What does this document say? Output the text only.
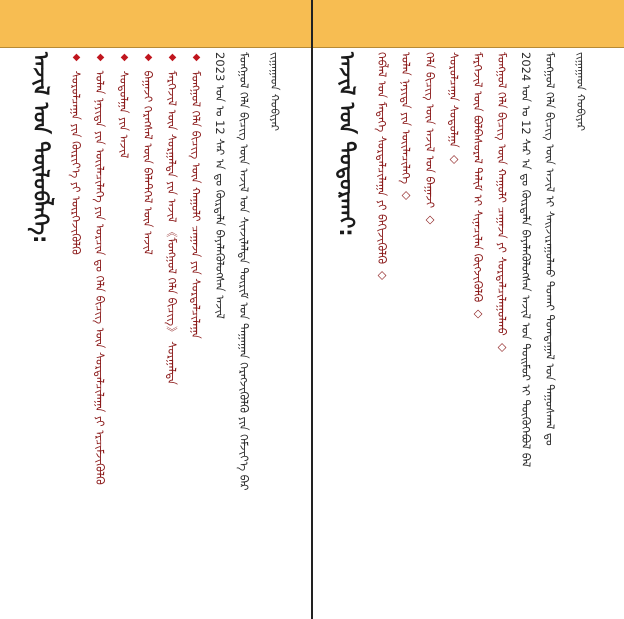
ᠠᠵᠢᠯ ᠤᠨ ᠲᠥᠯᠥᠪᠯᠡᠭᠡ:	◆ ᠰᠤᠷᠤᠯᠴᠠᠭᠠ ᠶᠢᠨ ᠬᠦᠷᠢᠶ᠎ᠡ ᠶᠢ ᠥᠷᠭᠡᠵᠢᠭᠦᠯᠬᠦ
◆ ᠣᠯᠠᠨ ᠨᠡᠶᠢᠲᠡ ᠶᠢᠨ ᠦᠢᠯᠡᠴᠢᠯᠡᠭᠡ ᠶᠢᠨ ᠣᠷᠴᠢᠨ ᠳᠤ ᠬᠡᠯᠡ ᠪᠢᠴᠢᠭ ᠦᠨ ᠰᠤᠷᠲᠠᠯᠴᠢᠯᠠᠭᠠ ᠶᠢ ᠡᠷᠴᠢᠮᠵᠢᠭᠦᠯᠬᠦ
◆ ᠰᠤᠳᠤᠯᠭᠠ ᠶᠢᠨ ᠠᠵᠢᠯ
◆ ᠪᠠᠭᠠᠵᠢ ᠬᠡᠷᠡᠭᠰᠡᠯ ᠦᠨ ᠪᠡᠯᠡᠲᠭᠡᠯ ᠦᠨ ᠠᠵᠢᠯ
◆ ᠮᠡᠷᠭᠡᠵᠢᠯ ᠦᠨ ᠰᠤᠷᠭᠠᠯᠲᠠ ᠶᠢᠨ ᠠᠵᠢᠯ 《ᠮᠣᠩᠭᠤᠯ ᠬᠡᠯᠡ ᠪᠢᠴᠢᠭ》 ᠰᠤᠷᠭᠠᠯᠲᠠ
◆ ᠮᠣᠩᠭᠤᠯ ᠬᠡᠯᠡ ᠪᠢᠴᠢᠭ ᠦᠨ ᠬᠠᠭᠤᠯᠢ ᠴᠠᠭᠠᠵᠠ ᠶᠢᠨ ᠰᠤᠷᠲᠠᠯᠴᠢᠯᠠᠭᠠ 2023 ᠣᠨ ᠤ 12 ᠰᠠᠷ ᠠ ᠳᠤ ᠬᠦᠷᠲᠡᠯᠡ ᠪᠡᠶᠡᠯᠡᠭᠦᠯᠦᠭᠰᠡᠨ ᠠᠵᠢᠯ ᠮᠣᠩᠭᠤᠯ ᠬᠡᠯᠡ ᠪᠢᠴᠢᠭ ᠦᠨ ᠠᠵᠢᠯ ᠤᠨ ᠰᠢᠨᠵᠢᠯᠡᠯᠲᠡ ᠳᠦᠷᠢᠮ ᠤᠨ ᠳᠠᠭᠠᠭᠠᠨ ᠬᠡᠷᠡᠭᠵᠢᠭᠦᠯᠬᠦ ᠶᠢᠨ ᠬᠡᠮᠵᠢᠶ᠎ᠡ ᠪᠡᠷ	ᠵᠢᠭᠠᠭᠠᠳ ᠬᠤᠪᠢᠶᠠᠷ	ᠠᠵᠢᠯ ᠤᠨ ᠲᠣᠳᠣᠷᠬᠠᠢ:	ᠬᠡᠪᠯᠡᠯ ᠤᠨ ᠮᠡᠳᠡᠭᠡ ᠰᠤᠷᠲᠠᠯᠴᠢᠯᠠᠭᠠ ᠶᠢ ᠪᠡᠬᠢᠵᠢᠭᠦᠯᠬᠦ ◇ ᠣᠯᠠᠨ ᠨᠡᠶᠢᠲᠡ ᠶᠢᠨ ᠦᠢᠯᠡᠴᠢᠯᠡᠭᠡ ◇ ᠬᠡᠯᠡ ᠪᠢᠴᠢᠭ ᠦᠨ ᠠᠵᠢᠯ ᠤᠨ ᠪᠠᠭᠠᠵᠢ ◇ ᠰᠤᠷᠤᠯᠴᠠᠭᠠ ᠰᠤᠳᠤᠯᠭᠠ ◇ ᠮᠡᠷᠭᠡᠵᠢᠯ ᠦᠨ ᠪᠣᠯᠪᠠᠰᠤᠷᠠᠯ ᠳᠠᠯᠢᠮ ᠢ ᠰᠢᠨᠡᠴᠢᠯᠡᠨ ᠬᠥᠭᠵᠢᠭᠦᠯᠬᠦ ◇ ᠮᠣᠩᠭᠤᠯ ᠬᠡᠯᠡ ᠪᠢᠴᠢᠭ ᠦᠨ ᠬᠠᠭᠤᠯᠢ ᠴᠠᠭᠠᠵᠠ ᠶᠢ ᠰᠤᠷᠲᠠᠯᠴᠢᠯᠠᠭᠤᠯᠬᠤ ◇ 2024 ᠣᠨ ᠤ 12 ᠰᠠᠷ ᠠ ᠳᠤ ᠬᠦᠷᠲᠡᠯᠡ ᠪᠡᠶᠡᠯᠡᠭᠦᠯᠦᠭᠰᠡᠨ ᠠᠵᠢᠯ ᠤᠨ ᠲᠤᠢᠮᠤᠷ ᠢ ᠳᠦᠭᠦᠭᠡᠪᠦᠯ ᠪᠡᠯ ᠮᠣᠩᠭᠤᠯ ᠬᠡᠯᠡ ᠪᠢᠴᠢᠭ ᠦᠨ ᠠᠵᠢᠯ ᠢ ᠰᠠᠢᠵᠢᠷᠠᠭᠤᠯᠬᠤ ᠲᠤᠬᠠᠢ ᠲᠣᠭᠲᠠᠭᠠᠯ ᠤᠨ ᠳᠠᠭᠤᠰᠬᠠᠯ ᠳᠤ	ᠵᠢᠭᠠᠭᠠᠳ ᠬᠤᠪᠢᠶᠠᠷ
